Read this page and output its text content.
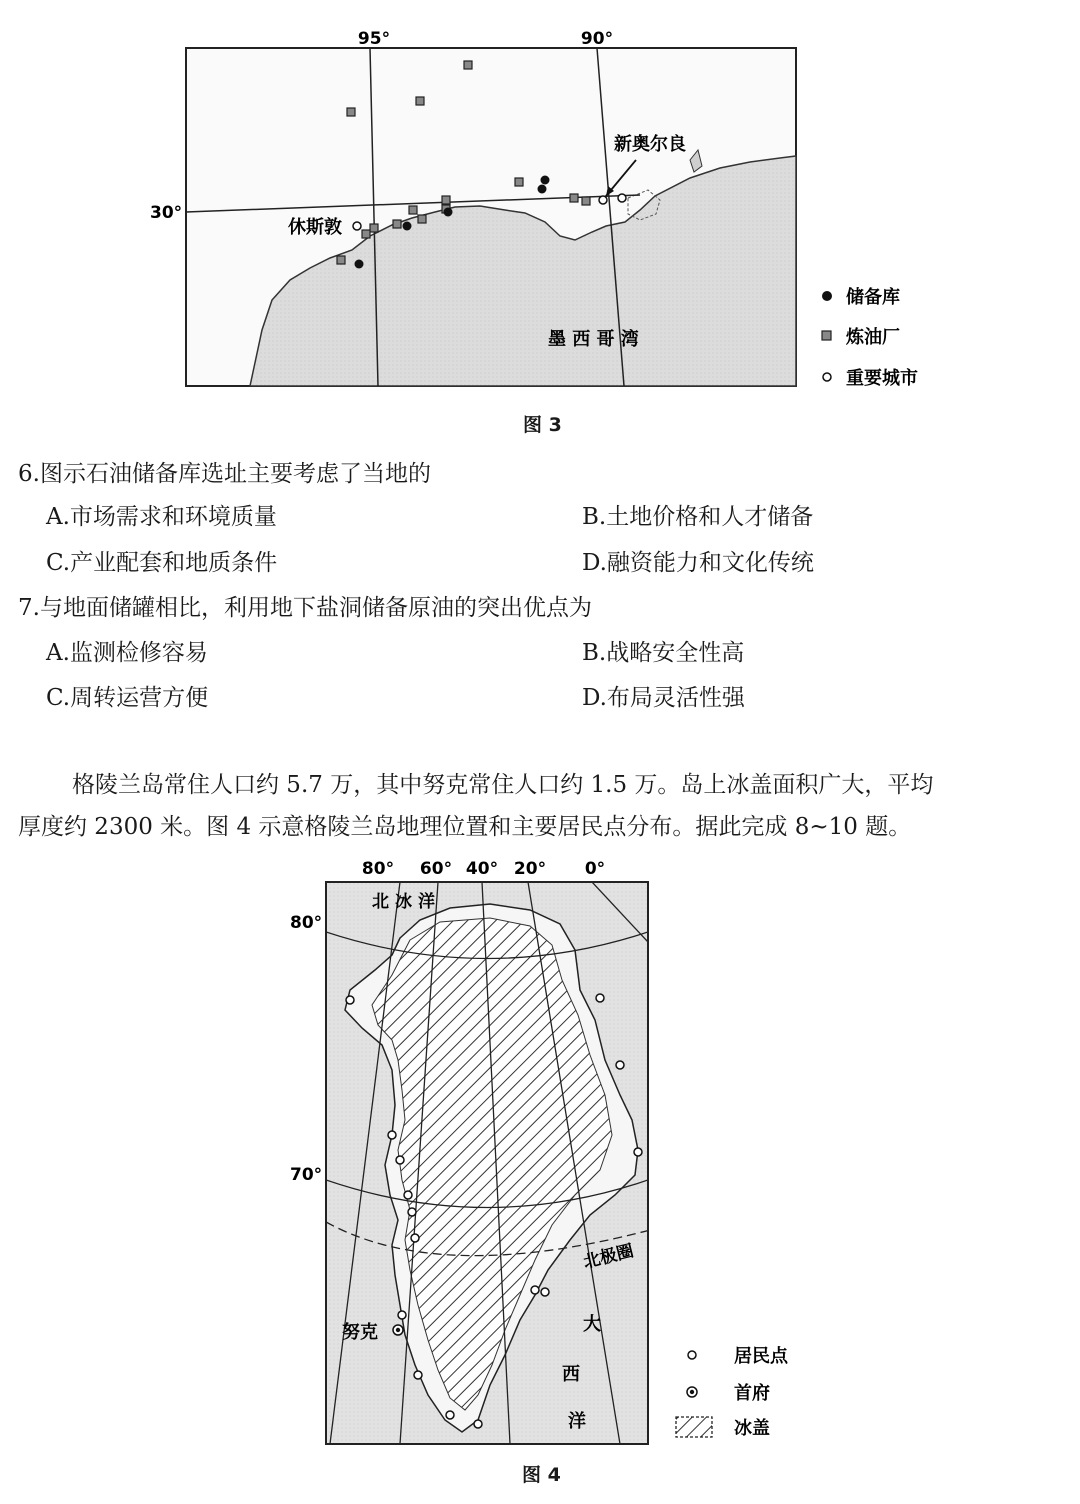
95°	90°
30°
休斯敦
新奥尔良
墨 西 哥 湾
储备库
炼油厂
重要城市
图 3
6.图示石油储备库选址主要考虑了当地的
A.市场需求和环境质量	B.土地价格和人才储备
C.产业配套和地质条件	D.融资能力和文化传统
7.与地面储罐相比，利用地下盐洞储备原油的突出优点为
A.监测检修容易	B.战略安全性高
C.周转运营方便	D.布局灵活性强
格陵兰岛常住人口约 5.7 万，其中努克常住人口约 1.5 万。岛上冰盖面积广大，平均
厚度约 2300 米。图 4 示意格陵兰岛地理位置和主要居民点分布。据此完成 8~10 题。
80° 60° 40° 20° 0°
80°
70°
北冰洋
北极圈
努克	大
西
洋
居民点
首府
冰盖
图 4
